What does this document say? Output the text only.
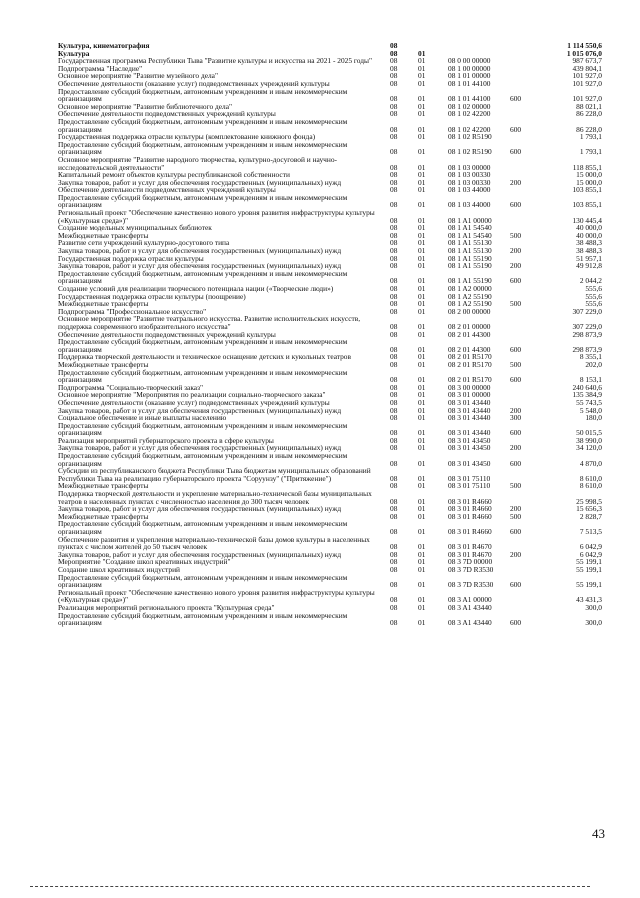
Культура, кинематография	08				1 114 550,6
Культура	08	01			1 015 076,0
Государственная программа Республики Тыва "Развитие культуры и искусства на 2021 - 2025 годы"	08	01	08 0 00 00000		987 673,7
Подпрограмма "Наследие"	08	01	08 1 00 00000		439 804,1
Основное мероприятие "Развитие музейного дела"	08	01	08 1 01 00000		101 927,0
Обеспечение деятельности (оказание услуг) подведомственных учреждений культуры	08	01	08 1 01 44100		101 927,0
Предоставление субсидий бюджетным, автономным учреждениям и иным некоммерческим организациям	08	01	08 1 01 44100	600	101 927,0
Основное мероприятие "Развитие библиотечного дела"	08	01	08 1 02 00000		88 021,1
Обеспечение деятельности подведомственных учреждений культуры	08	01	08 1 02 42200		86 228,0
Предоставление субсидий бюджетным, автономным учреждениям и иным некоммерческим организациям	08	01	08 1 02 42200	600	86 228,0
Государственная поддержка отрасли культуры (комплектование книжного фонда)	08	01	08 1 02 R5190		1 793,1
Предоставление субсидий бюджетным, автономным учреждениям и иным некоммерческим организациям	08	01	08 1 02 R5190	600	1 793,1
Основное мероприятие "Развитие народного творчества, культурно-досуговой и научно-исследовательской деятельности"	08	01	08 1 03 00000		118 855,1
Капитальный ремонт объектов культуры республиканской собственности	08	01	08 1 03 00330		15 000,0
Закупка товаров, работ и услуг для обеспечения государственных (муниципальных) нужд	08	01	08 1 03 00330	200	15 000,0
Обеспечение деятельности подведомственных учреждений культуры	08	01	08 1 03 44000		103 855,1
Предоставление субсидий бюджетным, автономным учреждениям и иным некоммерческим организациям	08	01	08 1 03 44000	600	103 855,1
Региональный проект "Обеспечение качественно нового уровня развития инфраструктуры культуры («Культурная среда»)"	08	01	08 1 A1 00000		130 445,4
Создание модельных муниципальных библиотек	08	01	08 1 A1 54540		40 000,0
Межбюджетные трансферты	08	01	08 1 A1 54540	500	40 000,0
Развитие сети учреждений культурно-досугового типа	08	01	08 1 A1 55130		38 488,3
Закупка товаров, работ и услуг для обеспечения государственных (муниципальных) нужд	08	01	08 1 A1 55130	200	38 488,3
Государственная поддержка отрасли культуры	08	01	08 1 A1 55190		51 957,1
Закупка товаров, работ и услуг для обеспечения государственных (муниципальных) нужд	08	01	08 1 A1 55190	200	49 912,8
Предоставление субсидий бюджетным, автономным учреждениям и иным некоммерческим организациям	08	01	08 1 A1 55190	600	2 044,2
Создание условий для реализации творческого потенциала нации («Творческие люди»)	08	01	08 1 A2 00000		555,6
Государственная поддержка отрасли культуры (поощрение)	08	01	08 1 A2 55190		555,6
Межбюджетные трансферты	08	01	08 1 A2 55190	500	555,6
Подпрограмма "Профессиональное искусство"	08	01	08 2 00 00000		307 229,0
Основное мероприятие "Развитие театрального искусства. Развитие исполнительских искусств, поддержка современного изобразительного искусства"	08	01	08 2 01 00000		307 229,0
Обеспечение деятельности подведомственных учреждений культуры	08	01	08 2 01 44300		298 873,9
Предоставление субсидий бюджетным, автономным учреждениям и иным некоммерческим организациям	08	01	08 2 01 44300	600	298 873,9
Поддержка творческой деятельности и техническое оснащение детских и кукольных театров	08	01	08 2 01 R5170		8 355,1
Межбюджетные трансферты	08	01	08 2 01 R5170	500	202,0
Предоставление субсидий бюджетным, автономным учреждениям и иным некоммерческим организациям	08	01	08 2 01 R5170	600	8 153,1
Подпрограмма "Социально-творческий заказ"	08	01	08 3 00 00000		240 640,6
Основное мероприятие "Мероприятия по реализации социально-творческого заказа"	08	01	08 3 01 00000		135 384,9
Обеспечение деятельности (оказание услуг) подведомственных учреждений культуры	08	01	08 3 01 43440		55 743,5
Закупка товаров, работ и услуг для обеспечения государственных (муниципальных) нужд	08	01	08 3 01 43440	200	5 548,0
Социальное обеспечение и иные выплаты населению	08	01	08 3 01 43440	300	180,0
Предоставление субсидий бюджетным, автономным учреждениям и иным некоммерческим организациям	08	01	08 3 01 43440	600	50 015,5
Реализация мероприятий губернаторского проекта в сфере культуры	08	01	08 3 01 43450		38 990,0
Закупка товаров, работ и услуг для обеспечения государственных (муниципальных) нужд	08	01	08 3 01 43450	200	34 120,0
Предоставление субсидий бюджетным, автономным учреждениям и иным некоммерческим организациям	08	01	08 3 01 43450	600	4 870,0
Субсидии из республиканского бюджета Республики Тыва бюджетам муниципальных образований Республики Тыва на реализацию губернаторского проекта "Соруунзу" ("Притяжение")	08	01	08 3 01 75110		8 610,0
Межбюджетные трансферты	08	01	08 3 01 75110	500	8 610,0
Поддержка творческой деятельности и укрепление материально-технической базы муниципальных театров в населенных пунктах с численностью населения до 300 тысяч человек	08	01	08 3 01 R4660		25 998,5
Закупка товаров, работ и услуг для обеспечения государственных (муниципальных) нужд	08	01	08 3 01 R4660	200	15 656,3
Межбюджетные трансферты	08	01	08 3 01 R4660	500	2 828,7
Предоставление субсидий бюджетным, автономным учреждениям и иным некоммерческим организациям	08	01	08 3 01 R4660	600	7 513,5
Обеспечение развития и укрепления материально-технической базы домов культуры в населенных пунктах с числом жителей до 50 тысяч человек	08	01	08 3 01 R4670		6 042,9
Закупка товаров, работ и услуг для обеспечения государственных (муниципальных) нужд	08	01	08 3 01 R4670	200	6 042,9
Мероприятие "Создание школ креативных индустрий"	08	01	08 3 7D 00000		55 199,1
Создание школ креативных индустрий	08	01	08 3 7D R3530		55 199,1
Предоставление субсидий бюджетным, автономным учреждениям и иным некоммерческим организациям	08	01	08 3 7D R3530	600	55 199,1
Региональный проект "Обеспечение качественно нового уровня развития инфраструктуры культуры («Культурная среда»)"	08	01	08 3 A1 00000		43 431,3
Реализация мероприятий регионального проекта "Культурная среда"	08	01	08 3 A1 43440		300,0
Предоставление субсидий бюджетным, автономным учреждениям и иным некоммерческим организациям	08	01	08 3 A1 43440	600	300,0
43
